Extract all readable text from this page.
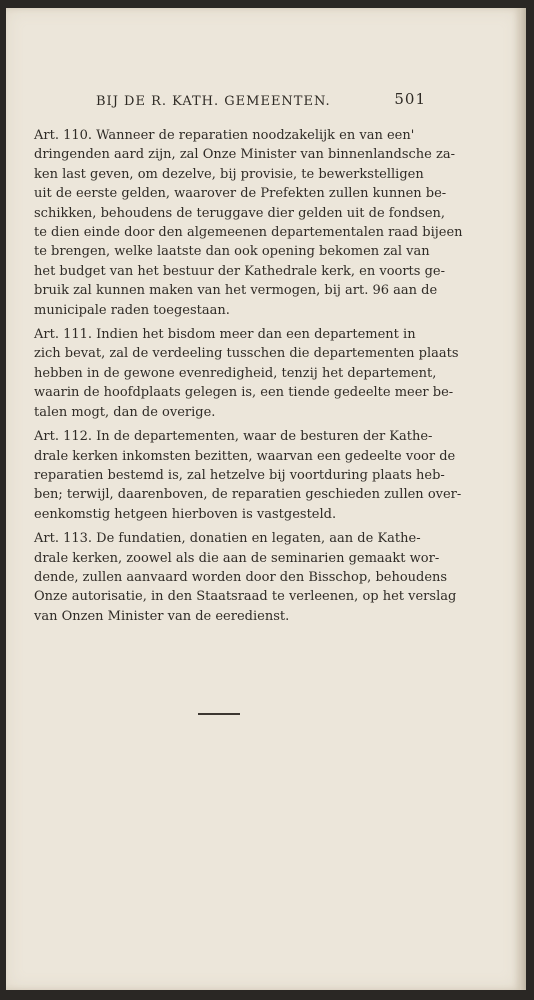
BIJ DE R. KATH. GEMEENTEN.	501
Art. 110. Wanneer de reparatien noodzakelijk en van een'
dringenden aard zijn, zal Onze Minister van binnenlandsche za-
ken last geven, om dezelve, bij provisie, te bewerkstelligen
uit de eerste gelden, waarover de Prefekten zullen kunnen be-
schikken, behoudens de teruggave dier gelden uit de fondsen,
te dien einde door den algemeenen departementalen raad bijeen
te brengen, welke laatste dan ook opening bekomen zal van
het budget van het bestuur der Kathedrale kerk, en voorts ge-
bruik zal kunnen maken van het vermogen, bij art. 96 aan de
municipale raden toegestaan.
Art. 111. Indien het bisdom meer dan een departement in
zich bevat, zal de verdeeling tusschen die departementen plaats
hebben in de gewone evenredigheid, tenzij het departement,
waarin de hoofdplaats gelegen is, een tiende gedeelte meer be-
talen mogt, dan de overige.
Art. 112. In de departementen, waar de besturen der Kathe-
drale kerken inkomsten bezitten, waarvan een gedeelte voor de
reparatien bestemd is, zal hetzelve bij voortduring plaats heb-
ben; terwijl, daarenboven, de reparatien geschieden zullen over-
eenkomstig hetgeen hierboven is vastgesteld.
Art. 113. De fundatien, donatien en legaten, aan de Kathe-
drale kerken, zoowel als die aan de seminarien gemaakt wor-
dende, zullen aanvaard worden door den Bisschop, behoudens
Onze autorisatie, in den Staatsraad te verleenen, op het verslag
van Onzen Minister van de eeredienst.
